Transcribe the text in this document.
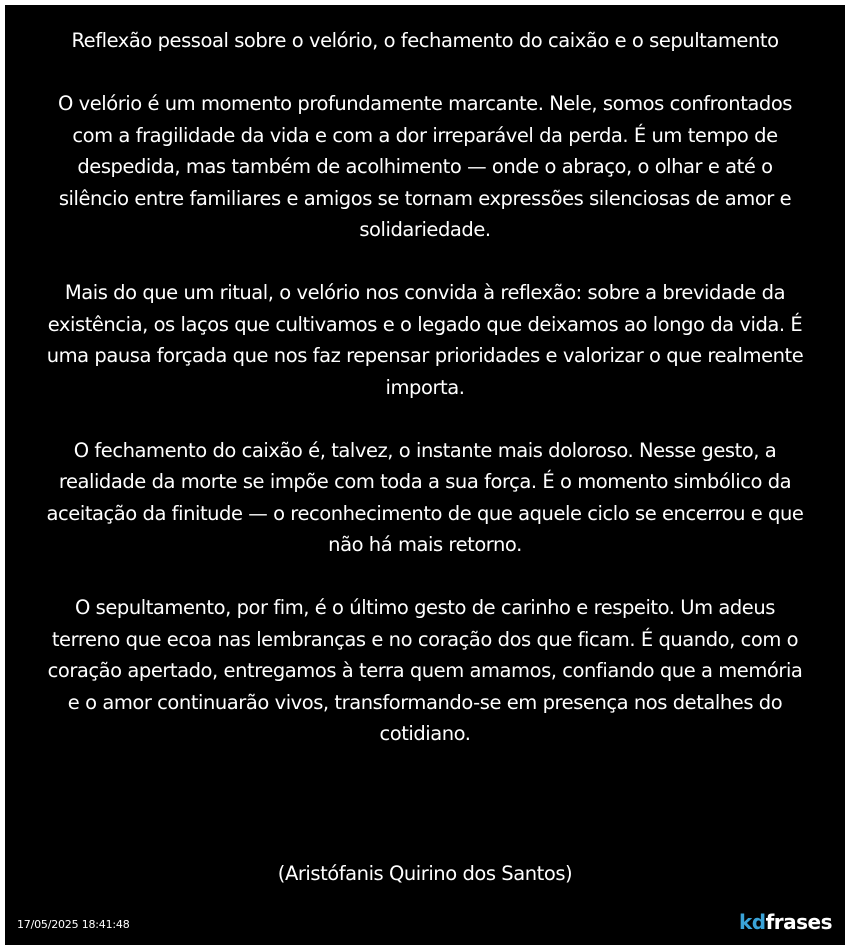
Reflexão pessoal sobre o velório, o fechamento do caixão e o sepultamento

O velório é um momento profundamente marcante. Nele, somos confrontados com a fragilidade da vida e com a dor irreparável da perda. É um tempo de despedida, mas também de acolhimento — onde o abraço, o olhar e até o silêncio entre familiares e amigos se tornam expressões silenciosas de amor e solidariedade.

Mais do que um ritual, o velório nos convida à reflexão: sobre a brevidade da existência, os laços que cultivamos e o legado que deixamos ao longo da vida. É uma pausa forçada que nos faz repensar prioridades e valorizar o que realmente importa.

O fechamento do caixão é, talvez, o instante mais doloroso. Nesse gesto, a realidade da morte se impõe com toda a sua força. É o momento simbólico da aceitação da finitude — o reconhecimento de que aquele ciclo se encerrou e que não há mais retorno.

O sepultamento, por fim, é o último gesto de carinho e respeito. Um adeus terreno que ecoa nas lembranças e no coração dos que ficam. É quando, com o coração apertado, entregamos à terra quem amamos, confiando que a memória e o amor continuarão vivos, transformando-se em presença nos detalhes do cotidiano.
(Aristófanis Quirino dos Santos)
17/05/2025 18:41:48	kdfrases
